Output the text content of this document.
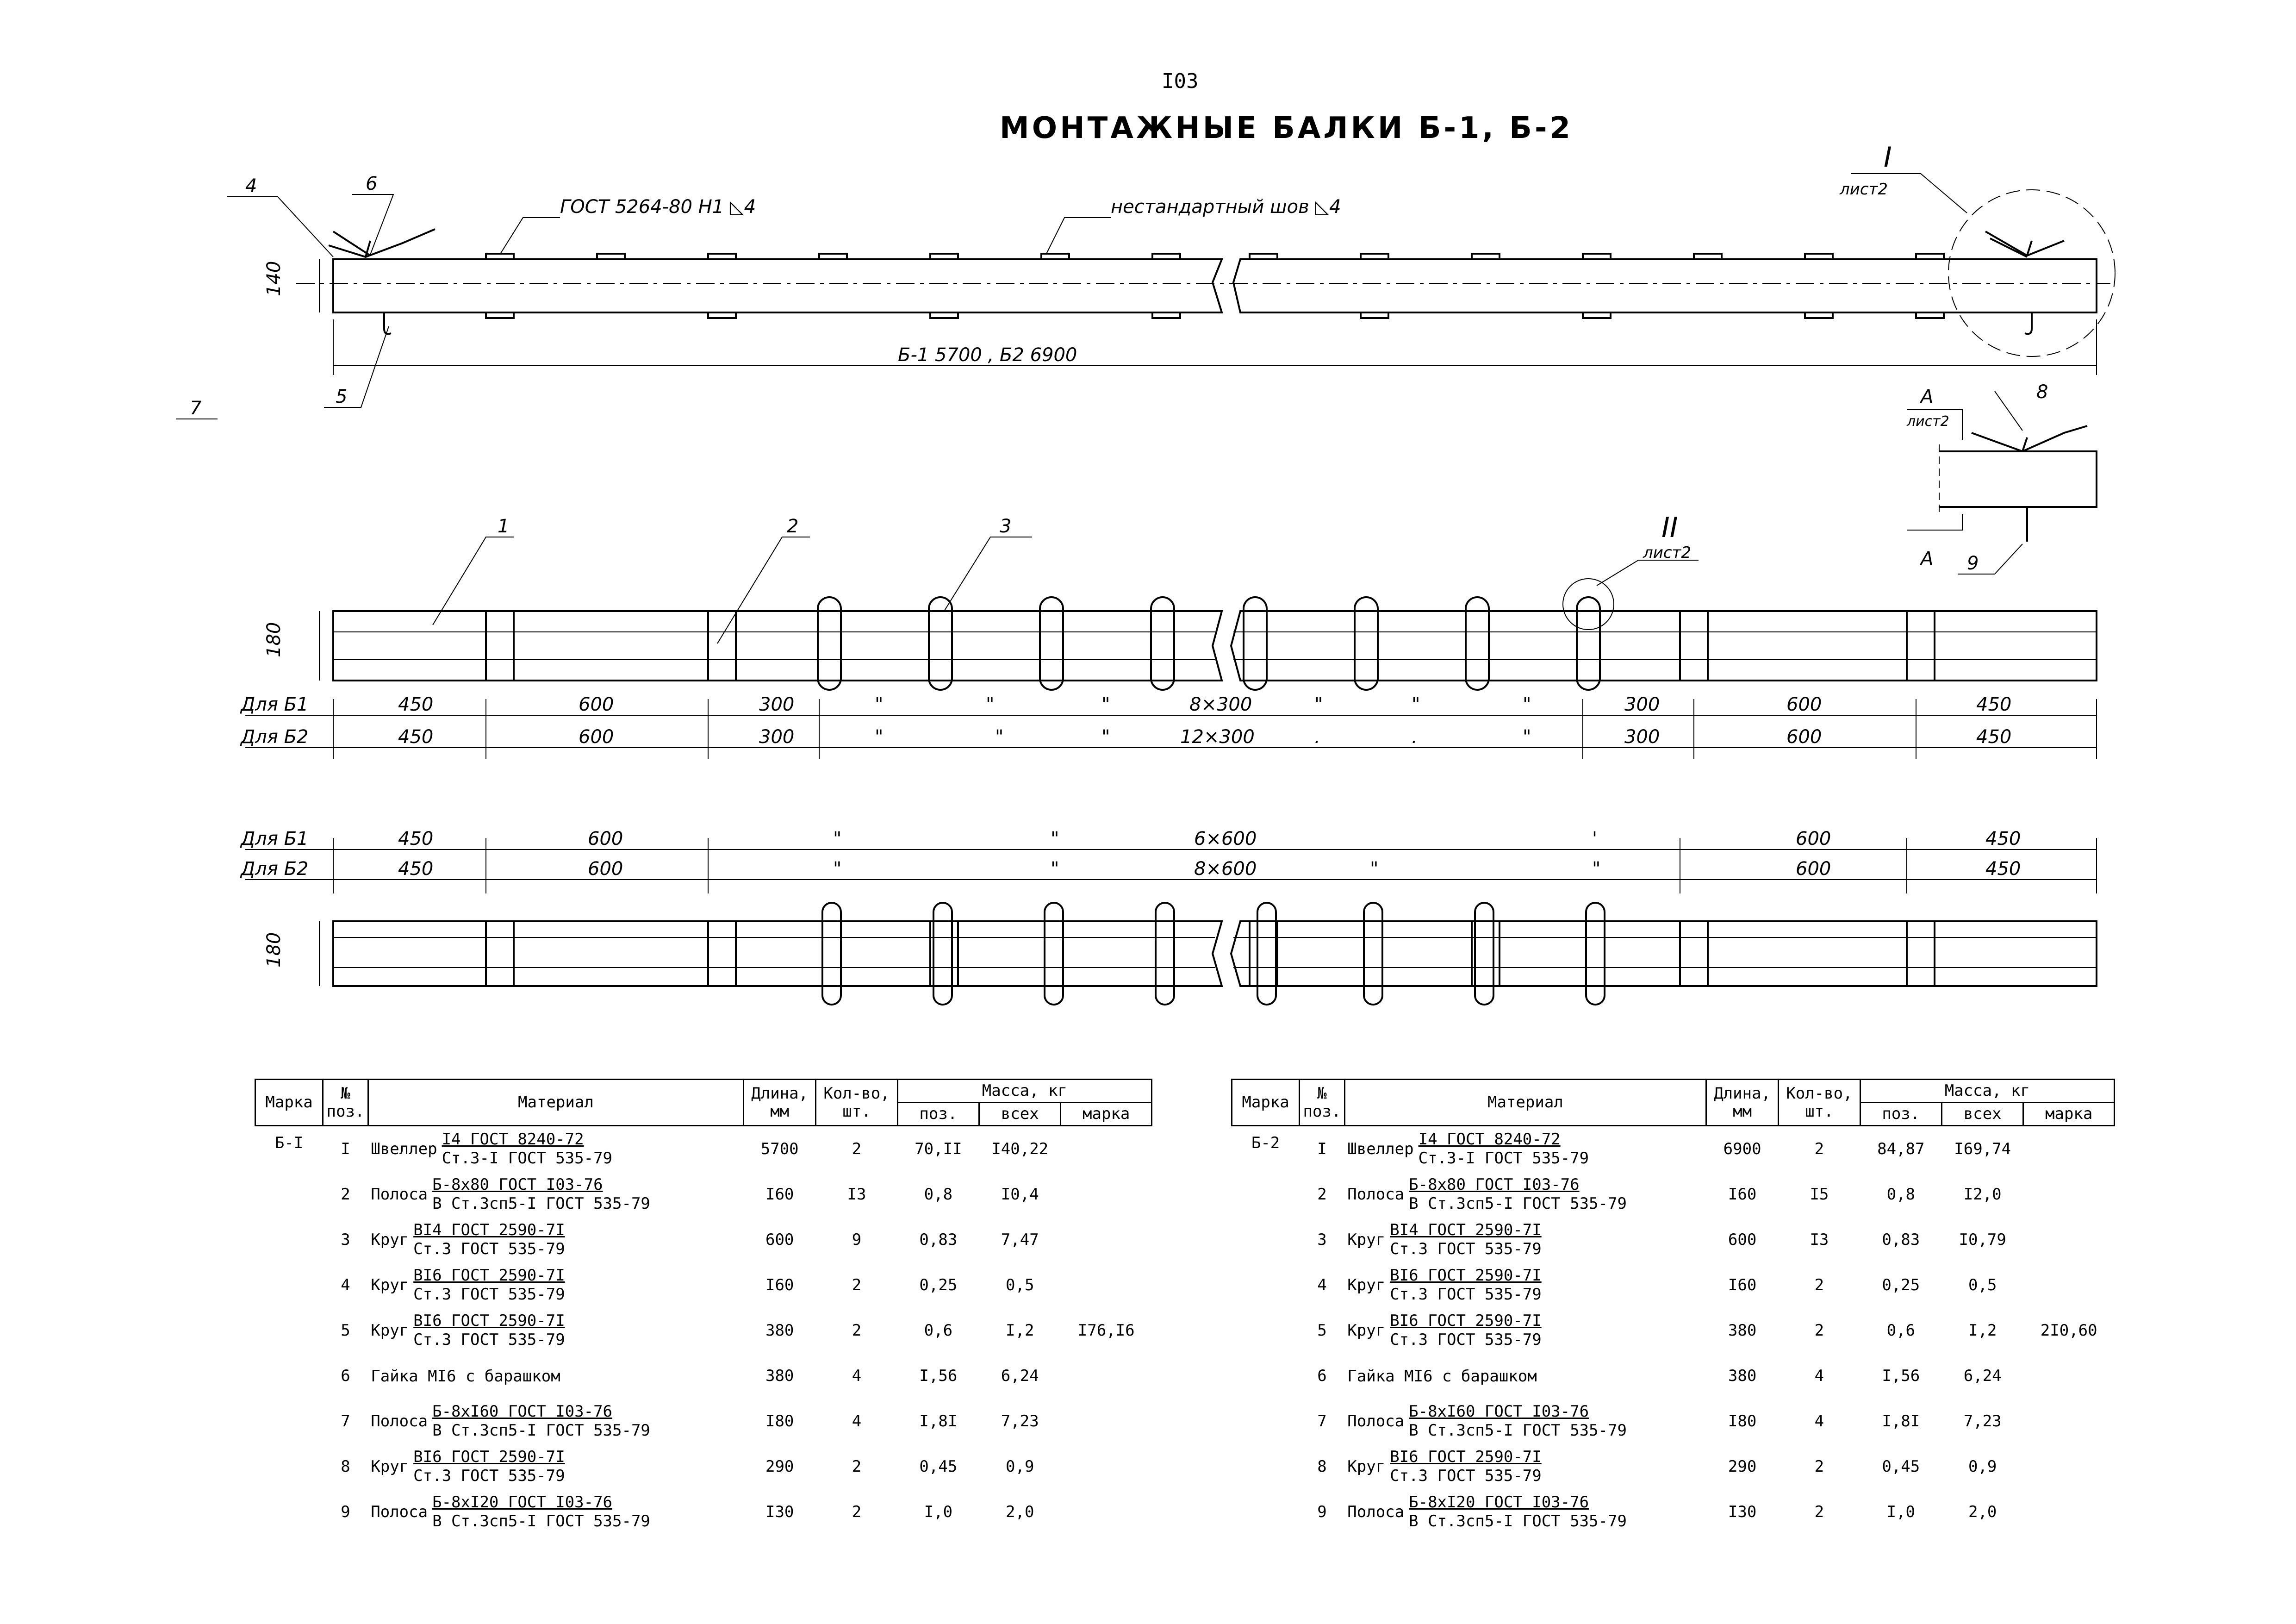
I03
МОНТАЖНЫЕ БАЛКИ Б-1, Б-2
140
Б-1 5700 , Б2 6900
ГОСТ 5264-80 Н1 ◺4	нестандартный шов ◺4
4	6
5
7
I
лист2
А
лист2
8
9
А
180
1	2	3	II
лист2
Для Б1	450	600	300	"	"	"	8×300	"	"	"	300	600	450
Для Б2	450	600	300	"	"	"	12×300	.	.	"	300	600	450
Для Б1	450	600	"	"	6×600	'	600	450
Для Б2	450	600	"	"	8×600	"	"	600	450
180
Марка	№ поз.	Материал	Длина, мм	Кол-во, шт.	Масса, кг		
					поз.	всех	марка
Б-I	I	Швеллер
I4 ГОСТ 8240-72
Ст.3-I ГОСТ 535-79	5700	2	70,II	I40,22	
	2	Полоса
Б-8х80 ГОСТ I03-76
В Ст.3сп5-I ГОСТ 535-79	I60	I3	0,8	I0,4	
	3	Круг
ВI4 ГОСТ 2590-7I
Ст.3 ГОСТ 535-79	600	9	0,83	7,47	
	4	Круг
ВI6 ГОСТ 2590-7I
Ст.3 ГОСТ 535-79	I60	2	0,25	0,5	
	5	Круг
ВI6 ГОСТ 2590-7I
Ст.3 ГОСТ 535-79	380	2	0,6	I,2	I76,I6
	6	Гайка МI6 с барашком	380	4	I,56	6,24	
	7	Полоса
Б-8хI60 ГОСТ I03-76
В Ст.3сп5-I ГОСТ 535-79	I80	4	I,8I	7,23	
	8	Круг
ВI6 ГОСТ 2590-7I
Ст.3 ГОСТ 535-79	290	2	0,45	0,9	
	9	Полоса
Б-8хI20 ГОСТ I03-76
В Ст.3сп5-I ГОСТ 535-79	I30	2	I,0	2,0	
Марка	№ поз.	Материал	Длина, мм	Кол-во, шт.	Масса, кг		
					поз.	всех	марка
Б-2	I	Швеллер
I4 ГОСТ 8240-72
Ст.3-I ГОСТ 535-79	6900	2	84,87	I69,74	
	2	Полоса
Б-8х80 ГОСТ I03-76
В Ст.3сп5-I ГОСТ 535-79	I60	I5	0,8	I2,0	
	3	Круг
ВI4 ГОСТ 2590-7I
Ст.3 ГОСТ 535-79	600	I3	0,83	I0,79	
	4	Круг
ВI6 ГОСТ 2590-7I
Ст.3 ГОСТ 535-79	I60	2	0,25	0,5	
	5	Круг
ВI6 ГОСТ 2590-7I
Ст.3 ГОСТ 535-79	380	2	0,6	I,2	2I0,60
	6	Гайка МI6 с барашком	380	4	I,56	6,24	
	7	Полоса
Б-8хI60 ГОСТ I03-76
В Ст.3сп5-I ГОСТ 535-79	I80	4	I,8I	7,23	
	8	Круг
ВI6 ГОСТ 2590-7I
Ст.3 ГОСТ 535-79	290	2	0,45	0,9	
	9	Полоса
Б-8хI20 ГОСТ I03-76
В Ст.3сп5-I ГОСТ 535-79	I30	2	I,0	2,0	
